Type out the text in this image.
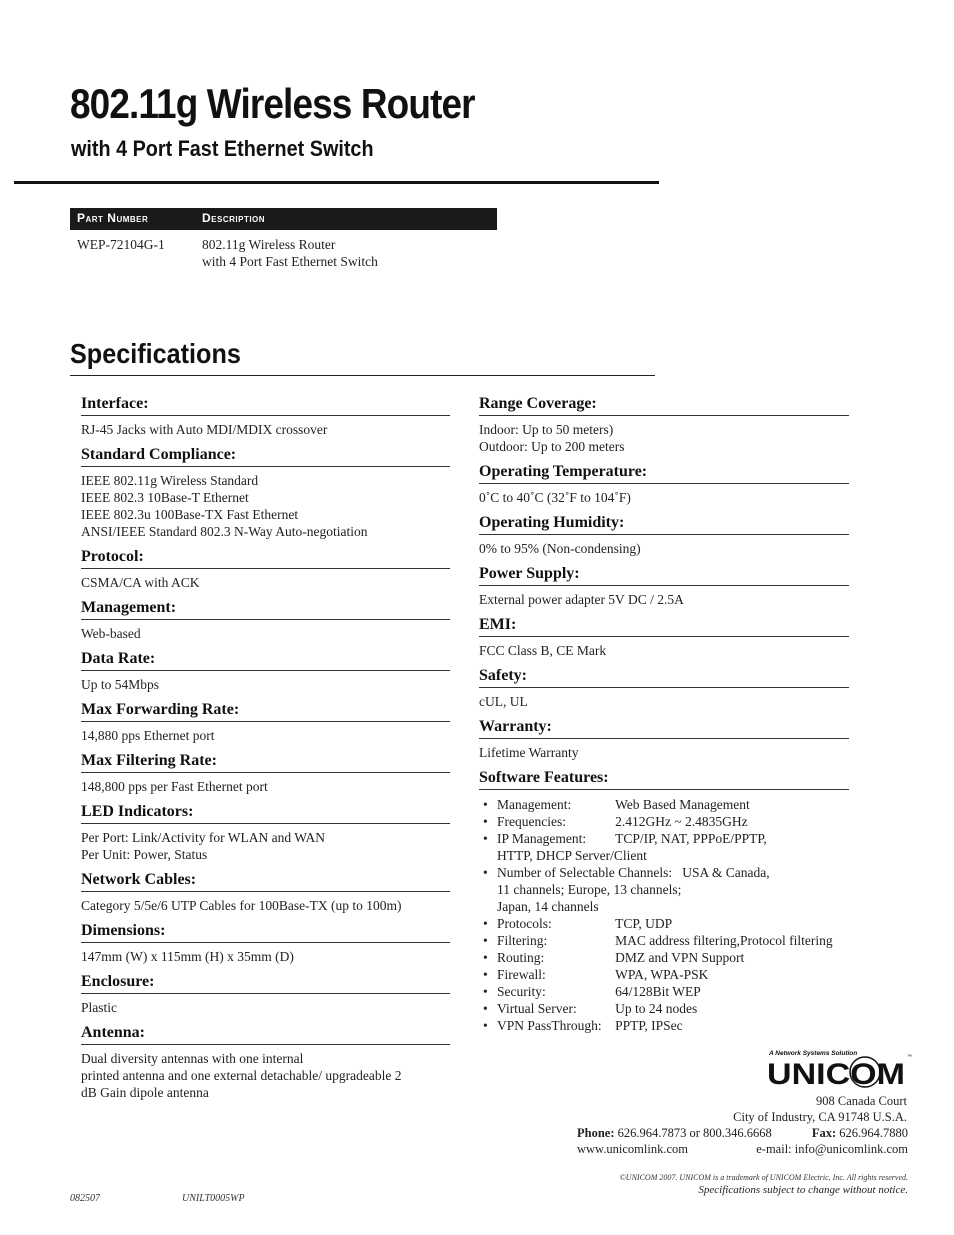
802.11g Wireless Router
with 4 Port Fast Ethernet Switch
Part Number	Description
WEP-72104G-1	802.11g Wireless Router
with 4 Port Fast Ethernet Switch
Specifications
Interface:
RJ-45 Jacks with Auto MDI/MDIX crossover
Standard Compliance:
IEEE 802.11g Wireless Standard
IEEE 802.3 10Base-T Ethernet
IEEE 802.3u 100Base-TX Fast Ethernet
ANSI/IEEE Standard 802.3 N-Way Auto-negotiation
Protocol:
CSMA/CA with ACK
Management:
Web-based
Data Rate:
Up to 54Mbps
Max Forwarding Rate:
14,880 pps Ethernet port
Max Filtering Rate:
148,800 pps per Fast Ethernet port
LED Indicators:
Per Port: Link/Activity for WLAN and WAN
Per Unit: Power, Status
Network Cables:
Category 5/5e/6 UTP Cables for 100Base-TX (up to 100m)
Dimensions:
147mm (W) x 115mm (H) x 35mm (D)
Enclosure:
Plastic
Antenna:
Dual diversity antennas with one internal
printed antenna and one external detachable/ upgradeable 2
dB Gain dipole antenna
Range Coverage:
Indoor: Up to 50 meters)
Outdoor: Up to 200 meters
Operating Temperature:
0˚C to 40˚C (32˚F to 104˚F)
Operating Humidity:
0% to 95% (Non-condensing)
Power Supply:
External power adapter 5V DC / 2.5A
EMI:
FCC Class B, CE Mark
Safety:
cUL, UL
Warranty:
Lifetime Warranty
Software Features:
• Management:	Web Based Management
• Frequencies:	2.412GHz ~ 2.4835GHz
• IP Management: TCP/IP, NAT, PPPoE/PPTP,
HTTP, DHCP Server/Client
• Number of Selectable Channels: USA & Canada,
11 channels; Europe, 13 channels;
Japan, 14 channels
• Protocols:	TCP, UDP
• Filtering:	MAC address filtering,Protocol filtering
• Routing:	DMZ and VPN Support
• Firewall:	WPA, WPA-PSK
• Security:	64/128Bit WEP
• Virtual Server:	Up to 24 nodes
• VPN PassThrough: PPTP, IPSec
A Network Systems Solution
UNICOM
™
908 Canada Court
City of Industry, CA 91748 U.S.A.
Phone: 626.964.7873 or 800.346.6668	Fax: 626.964.7880
www.unicomlink.com	e-mail: info@unicomlink.com
©UNICOM 2007. UNICOM is a trademark of UNICOM Electric, Inc. All rights reserved.
Specifications subject to change without notice.
082507	UNILT0005WP
